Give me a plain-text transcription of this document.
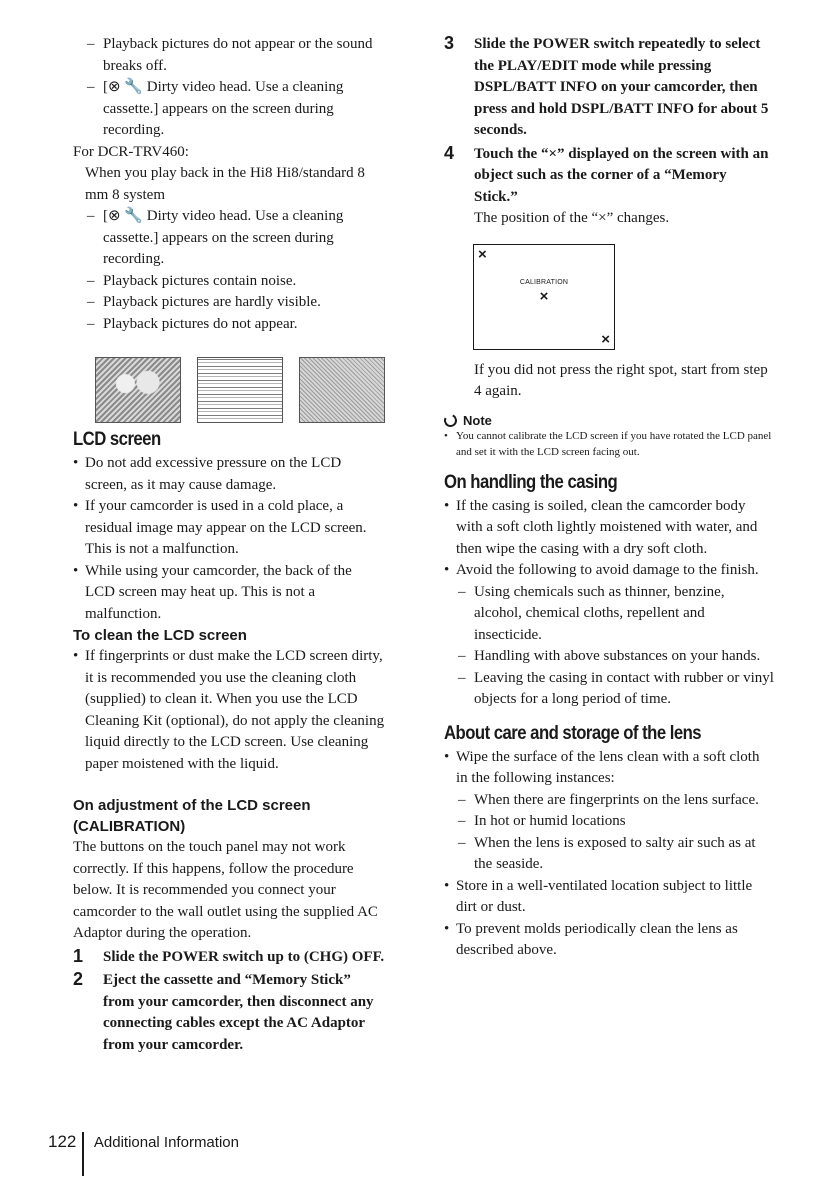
– Playback pictures do not appear or the sound breaks off.
– [⊗ 🔧 Dirty video head. Use a cleaning cassette.] appears on the screen during recording.

For DCR-TRV460:

When you play back in the Hi8 Hi8/standard 8 mm 8 system

– [⊗ 🔧 Dirty video head. Use a cleaning cassette.] appears on the screen during recording.
– Playback pictures contain noise.
– Playback pictures are hardly visible.
– Playback pictures do not appear.
LCD screen
• Do not add excessive pressure on the LCD screen, as it may cause damage.
• If your camcorder is used in a cold place, a residual image may appear on the LCD screen. This is not a malfunction.
• While using your camcorder, the back of the LCD screen may heat up. This is not a malfunction.
To clean the LCD screen
• If fingerprints or dust make the LCD screen dirty, it is recommended you use the cleaning cloth (supplied) to clean it. When you use the LCD Cleaning Kit (optional), do not apply the cleaning liquid directly to the LCD screen. Use cleaning paper moistened with the liquid.
On adjustment of the LCD screen (CALIBRATION)

The buttons on the touch panel may not work correctly. If this happens, follow the procedure below. It is recommended you connect your camcorder to the wall outlet using the supplied AC Adaptor during the operation.

1 Slide the POWER switch up to (CHG) OFF.
2 Eject the cassette and “Memory Stick” from your camcorder, then disconnect any connecting cables except the AC Adaptor from your camcorder.
3 Slide the POWER switch repeatedly to select the PLAY/EDIT mode while pressing DSPL/BATT INFO on your camcorder, then press and hold DSPL/BATT INFO for about 5 seconds.
4 Touch the “×” displayed on the screen with an object such as the corner of a “Memory Stick.”

The position of the “×” changes.

×
CALIBRATION
×
×

If you did not press the right spot, start from step 4 again.

Note
• You cannot calibrate the LCD screen if you have rotated the LCD panel and set it with the LCD screen facing out.
On handling the casing
• If the casing is soiled, clean the camcorder body with a soft cloth lightly moistened with water, and then wipe the casing with a dry soft cloth.
• Avoid the following to avoid damage to the finish.
– Using chemicals such as thinner, benzine, alcohol, chemical cloths, repellent and insecticide.
– Handling with above substances on your hands.
– Leaving the casing in contact with rubber or vinyl objects for a long period of time.
About care and storage of the lens
• Wipe the surface of the lens clean with a soft cloth in the following instances:
– When there are fingerprints on the lens surface.
– In hot or humid locations
– When the lens is exposed to salty air such as at the seaside.
• Store in a well-ventilated location subject to little dirt or dust.
• To prevent molds periodically clean the lens as described above.
122	Additional Information
